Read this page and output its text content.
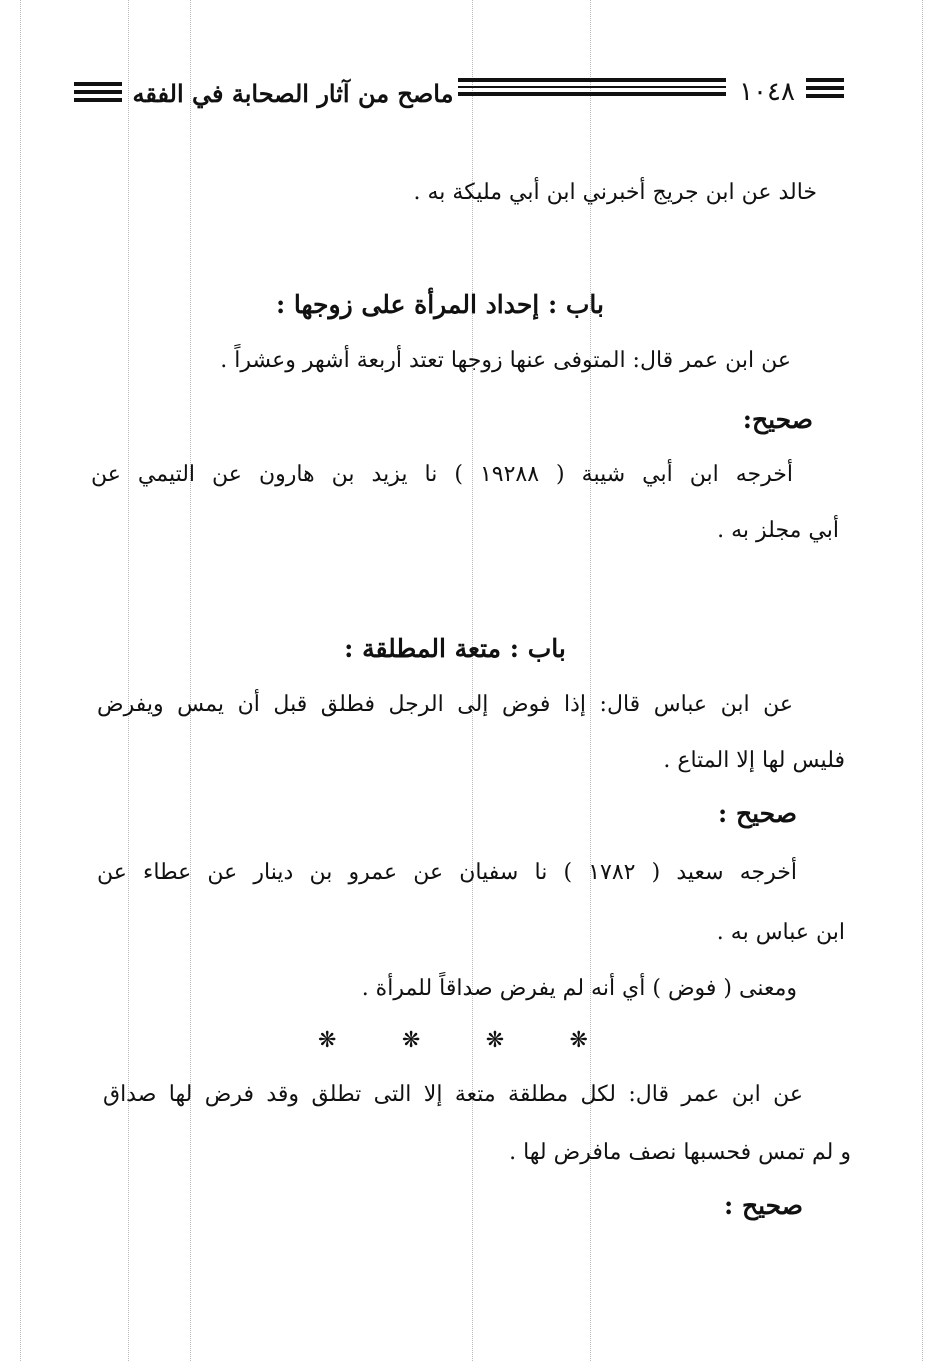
ماصح من آثار الصحابة في الفقه	١٠٤٨
خالد عن ابن جريج أخبرني ابن أبي مليكة به .
باب : إحداد المرأة على زوجها :
عن ابن عمر قال: المتوفى عنها زوجها تعتد أربعة أشهر وعشراً .
صحيح:
أخرجه ابن أبي شيبة ( ١٩٢٨٨ ) نا يزيد بن هارون عن التيمي عن
أبي مجلز به .
باب : متعة المطلقة :
عن ابن عباس قال: إذا فوض إلى الرجل فطلق قبل أن يمس ويفرض
فليس لها إلا المتاع .
صحيح :
أخرجه سعيد ( ١٧٨٢ ) نا سفيان عن عمرو بن دينار عن عطاء عن
ابن عباس به .
ومعنى ( فوض ) أي أنه لم يفرض صداقاً للمرأة .
❋	❋	❋	❋
عن ابن عمر قال: لكل مطلقة متعة إلا التى تطلق وقد فرض لها صداق
و لم تمس فحسبها نصف مافرض لها .
صحيح :
